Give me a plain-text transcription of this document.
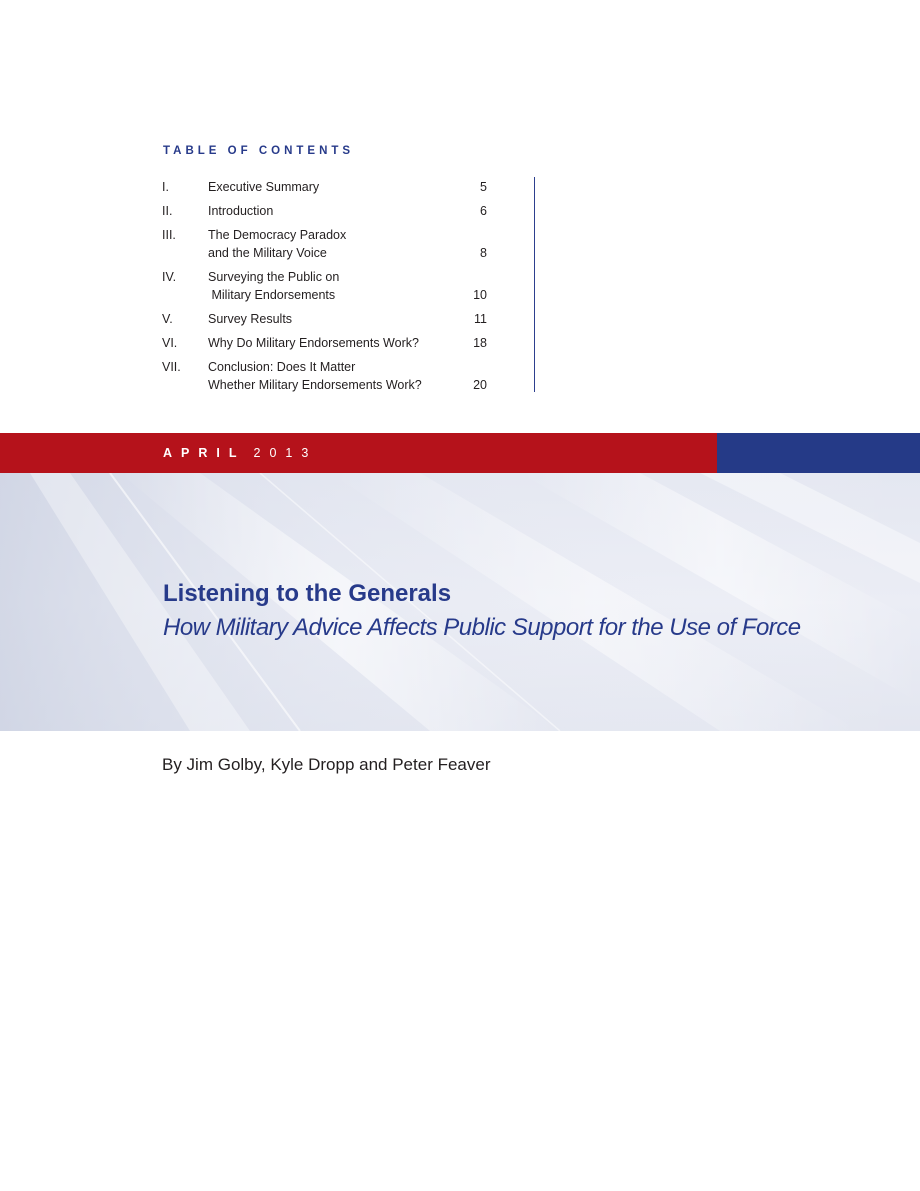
TABLE OF CONTENTS
I.	Executive Summary	5
II.	Introduction	6
III.	The Democracy Paradox
and the Military Voice	8
IV.	Surveying the Public on
Military Endorsements	10
V.	Survey Results	11
VI.	Why Do Military Endorsements Work?	18
VII.	Conclusion: Does It Matter
Whether Military Endorsements Work?	20
APRIL 2013
Listening to the Generals
How Military Advice Affects Public Support for the Use of Force
By Jim Golby, Kyle Dropp and Peter Feaver
